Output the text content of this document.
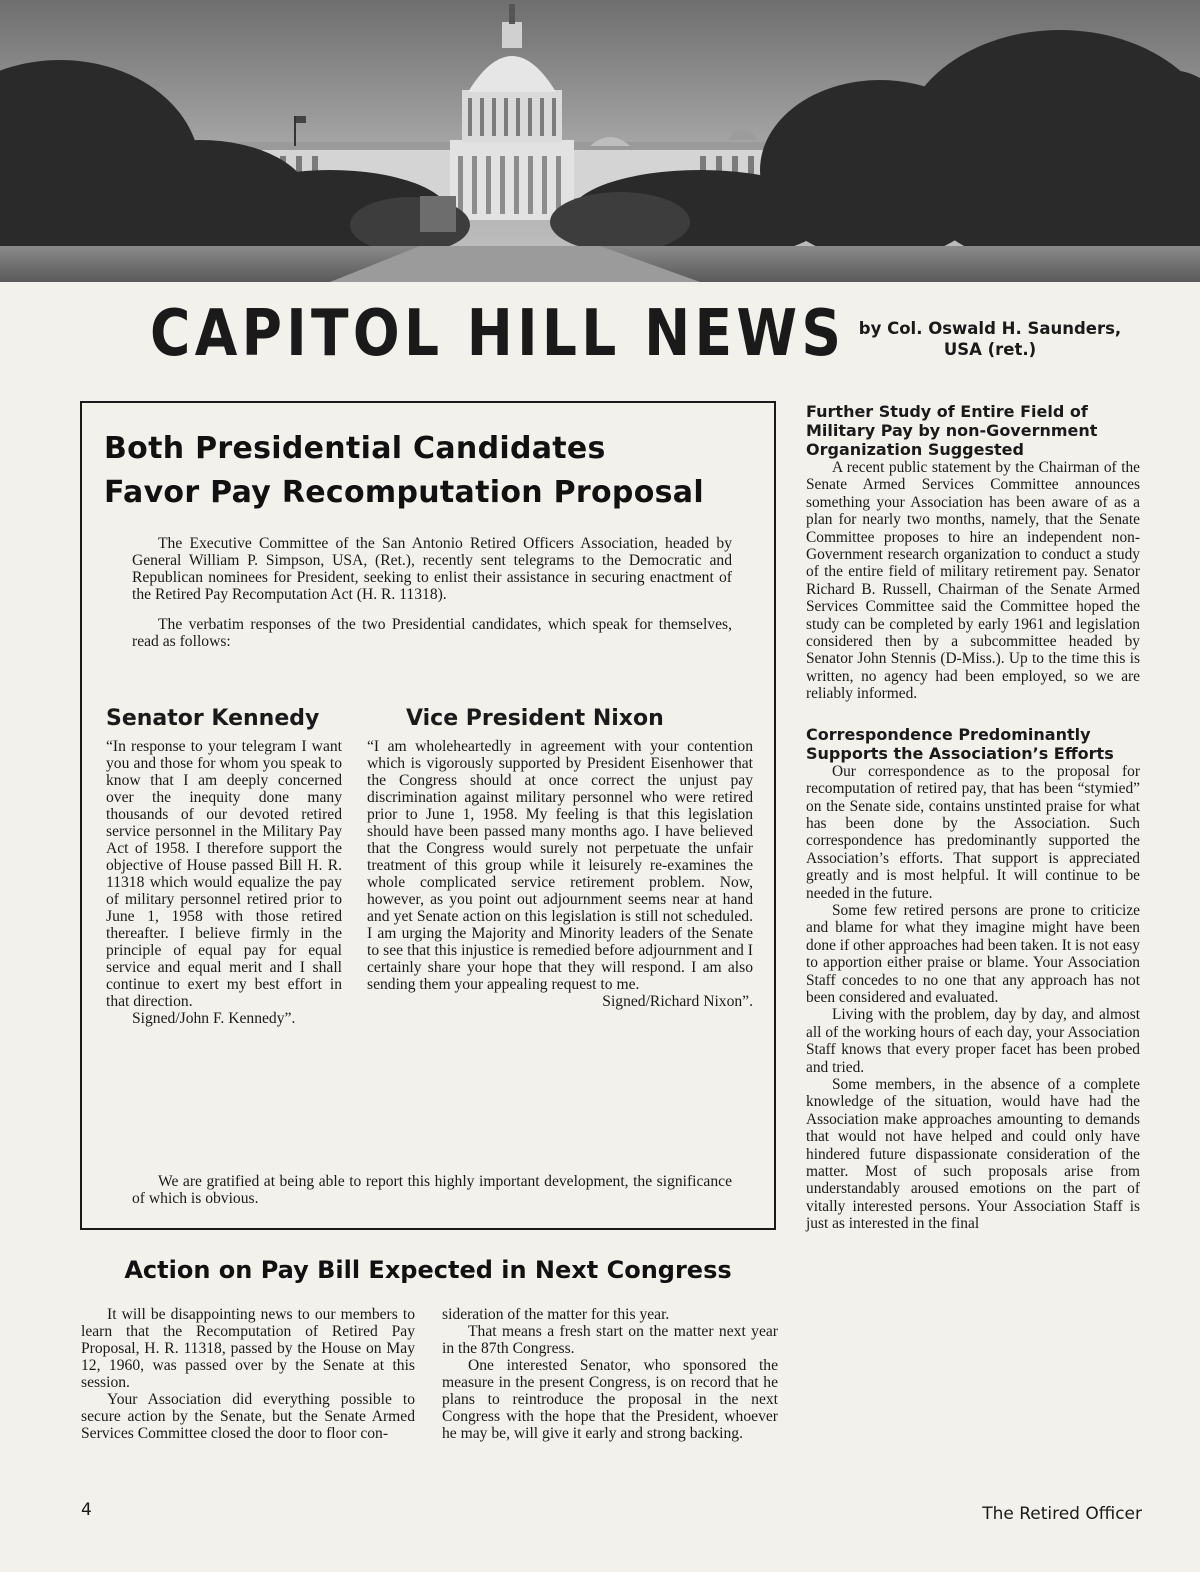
CAPITOL HILL NEWS by Col. Oswald H. Saunders,
USA (ret.)
Both Presidential Candidates
Favor Pay Recomputation Proposal

The Executive Committee of the San Antonio Retired Officers Association, headed by General William P. Simpson, USA, (Ret.), recently sent telegrams to the Democratic and Republican nominees for President, seeking to enlist their assistance in securing enactment of the Retired Pay Recomputation Act (H. R. 11318).

The verbatim responses of the two Presidential candidates, which speak for themselves, read as follows:

Senator Kennedy	Vice President Nixon

“In response to your telegram I want you and those for whom you speak to know that I am deeply concerned over the inequity done many thousands of our devoted retired service personnel in the Military Pay Act of 1958. I therefore support the objective of House passed Bill H. R. 11318 which would equalize the pay of military personnel retired prior to June 1, 1958 with those retired thereafter. I believe firmly in the principle of equal pay for equal service and equal merit and I shall continue to exert my best effort in that direction.

Signed/John F. Kennedy”.

“I am wholeheartedly in agreement with your contention which is vigorously supported by President Eisenhower that the Congress should at once correct the unjust pay discrimination against military personnel who were retired prior to June 1, 1958. My feeling is that this legislation should have been passed many months ago. I have believed that the Congress would surely not perpetuate the unfair treatment of this group while it leisurely re-examines the whole complicated service retirement problem. Now, however, as you point out adjournment seems near at hand and yet Senate action on this legislation is still not scheduled. I am urging the Majority and Minority leaders of the Senate to see that this injustice is remedied before adjournment and I certainly share your hope that they will respond. I am also sending them your appealing request to me.

Signed/Richard Nixon”.

We are gratified at being able to report this highly important development, the significance of which is obvious.

Action on Pay Bill Expected in Next Congress

It will be disappointing news to our members to learn that the Recomputation of Retired Pay Proposal, H. R. 11318, passed by the House on May 12, 1960, was passed over by the Senate at this session.

Your Association did everything possible to secure action by the Senate, but the Senate Armed Services Committee closed the door to floor con-

sideration of the matter for this year.

That means a fresh start on the matter next year in the 87th Congress.

One interested Senator, who sponsored the measure in the present Congress, is on record that he plans to reintroduce the proposal in the next Congress with the hope that the President, whoever he may be, will give it early and strong backing.

Further Study of Entire Field of Military Pay by non-Government Organization Suggested

A recent public statement by the Chairman of the Senate Armed Services Committee announces something your Association has been aware of as a plan for nearly two months, namely, that the Senate Committee proposes to hire an independent non-Government research organization to conduct a study of the entire field of military retirement pay. Senator Richard B. Russell, Chairman of the Senate Armed Services Committee said the Committee hoped the study can be completed by early 1961 and legislation considered then by a subcommittee headed by Senator John Stennis (D-Miss.). Up to the time this is written, no agency had been employed, so we are reliably informed.

Correspondence Predominantly Supports the Association’s Efforts

Our correspondence as to the proposal for recomputation of retired pay, that has been “stymied” on the Senate side, contains unstinted praise for what has been done by the Association. Such correspondence has predominantly supported the Association’s efforts. That support is appreciated greatly and is most helpful. It will continue to be needed in the future.

Some few retired persons are prone to criticize and blame for what they imagine might have been done if other approaches had been taken. It is not easy to apportion either praise or blame. Your Association Staff concedes to no one that any approach has not been considered and evaluated.

Living with the problem, day by day, and almost all of the working hours of each day, your Association Staff knows that every proper facet has been probed and tried.

Some members, in the absence of a complete knowledge of the situation, would have had the Association make approaches amounting to demands that would not have helped and could only have hindered future dispassionate consideration of the matter. Most of such proposals arise from understandably aroused emotions on the part of vitally interested persons. Your Association Staff is just as interested in the final

4	The Retired Officer
